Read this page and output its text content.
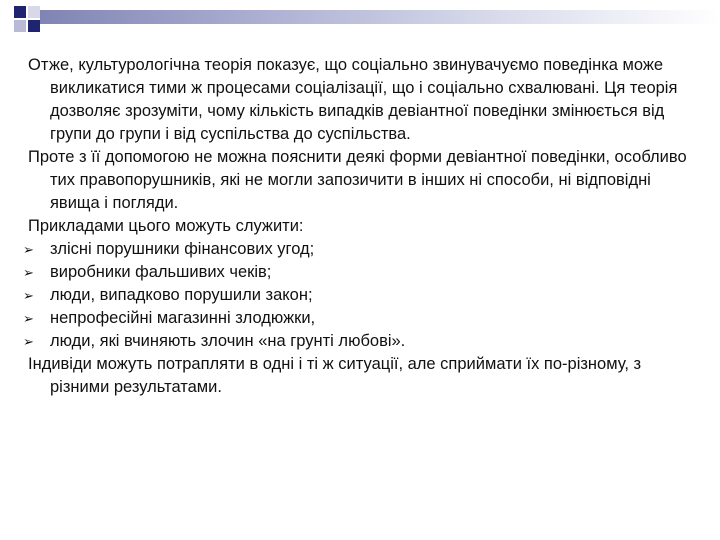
Отже, культурологічна теорія показує, що соціально звинувачуємо поведінка може викликатися тими ж процесами соціалізації, що і соціально схвалювані. Ця теорія дозволяє зрозуміти, чому кількість випадків девіантної поведінки змінюється від групи до групи і від суспільства до суспільства.

Проте з її допомогою не можна пояснити деякі форми девіантної поведінки, особливо тих правопорушників, які не могли запозичити в інших ні способи, ні відповідні явища і погляди.

Прикладами цього можуть служити:

➢ злісні порушники фінансових угод;

➢ виробники фальшивих чеків;

➢ люди, випадково порушили закон;

➢ непрофесійні магазинні злодюжки,

➢ люди, які вчиняють злочин «на грунті любові».

Індивіди можуть потрапляти в одні і ті ж ситуації, але сприймати їх по-різному, з різними результатами.
